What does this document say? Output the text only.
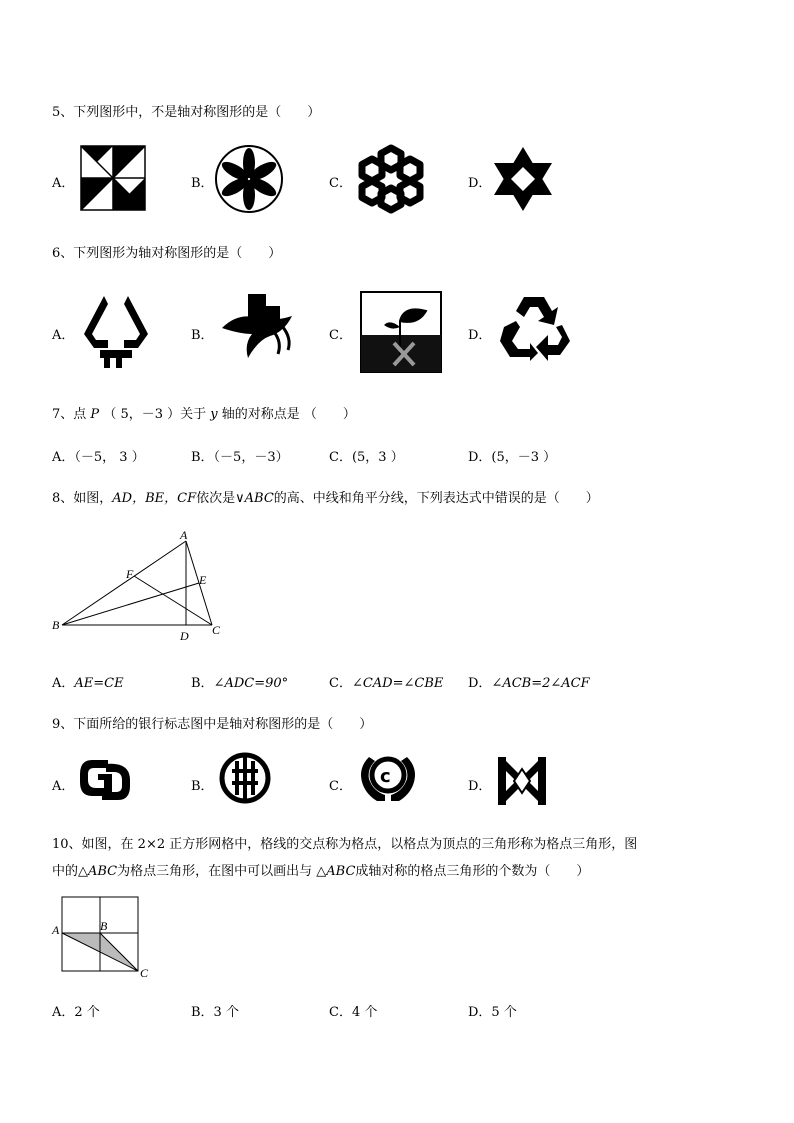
5、下列图形中，不是轴对称图形的是（　　）
A．	B．	C．	D．
6、下列图形为轴对称图形的是（　　）
A．	B．	C．	D．
7、点 P （ 5，－3 ）关于 y 轴的对称点是 （　　）
A．（－5， 3 ）	B．（－5，－3）	C．(5，3 ）	D．(5，－3 ）
8、如图，AD，BE，CF依次是∨ABC的高、中线和角平分线，下列表达式中错误的是（　　）
A
B	C
D
E
F
A．AE=CE	B．∠ADC=90°	C．∠CAD=∠CBE D．∠ACB=2∠ACF
9、下面所给的银行标志图中是轴对称图形的是（　　）
A．	B．	C．	D．
c
10、如图，在 2×2 正方形网格中，格线的交点称为格点，以格点为顶点的三角形称为格点三角形，图
中的△ABC为格点三角形，在图中可以画出与 △ABC成轴对称的格点三角形的个数为（　　）
A	B
C
A．2 个	B．3 个	C．4 个	D．5 个
